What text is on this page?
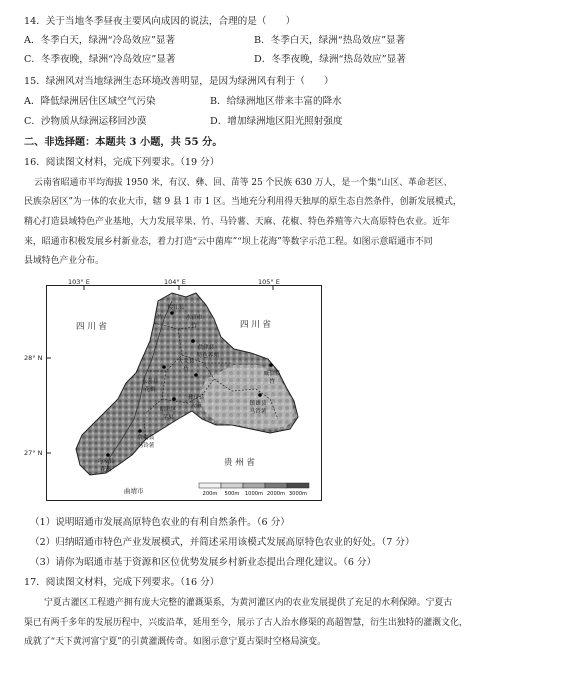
14．关于当地冬季昼夜主要风向成因的说法，合理的是（　　）
A．冬季白天，绿洲“冷岛效应”显著	B．冬季白天，绿洲“热岛效应”显著
C．冬季夜晚，绿洲“冷岛效应”显著	D．冬季夜晚，绿洲“热岛效应”显著
15．绿洲风对当地绿洲生态环境改善明显，是因为绿洲风有利于（　　）
A．降低绿洲居住区域空气污染	B．给绿洲地区带来丰富的降水
C．沙物质从绿洲运移回沙漠	D．增加绿洲地区阳光照射强度
二、非选择题：本题共 3 小题，共 55 分。
16．阅读图文材料，完成下列要求。（19 分）
云南省昭通市平均海拔 1950 米，有汉、彝、回、苗等 25 个民族 630 万人，是一个集“山区、革命老区、
民族杂居区”为一体的农业大市，辖 9 县 1 市 1 区。当地充分利用得天独厚的原生态自然条件，创新发展模式，
精心打造县域特色产业基地，大力发展苹果、竹、马铃薯、天麻、花椒、特色养殖等六大高原特色农业。近年
来，昭通市积极发展乡村新业态，着力打造“云中菌库”“坝上花海”等数字示范工程。如图示意昭通市不同
县域特色产业分布。
103° E	104° E	105° E
28° N
27° N
四 川 省	四 川 省
贵 州 省
曲靖市
绥江县
竹	水富市
竹
盐津县
特色养殖
大关县
竹
永善县
花椒
彝良县
天麻
威信县
竹
镇雄县
马铃薯
昭阳区
苹果
鲁甸县
马铃薯
巧家县
花椒
200m 500m 1000m 2000m 3000m
（1）说明昭通市发展高原特色农业的有利自然条件。（6 分）
（2）归纳昭通市特色产业发展模式，并简述采用该模式发展高原特色农业的好处。（7 分）
（3）请你为昭通市基于资源和区位优势发展乡村新业态提出合理化建议。（6 分）
17．阅读图文材料，完成下列要求。（16 分）
宁夏古灌区工程遗产拥有庞大完整的灌溉渠系，为黄河灌区内的农业发展提供了充足的水利保障。宁夏古
渠已有两千多年的发展历程中，兴废沿革，延用至今，展示了古人治水修渠的高超智慧，衍生出独特的灌溉文化，
成就了“天下黄河富宁夏”的引黄灌溉传奇。如图示意宁夏古渠时空格局演变。
